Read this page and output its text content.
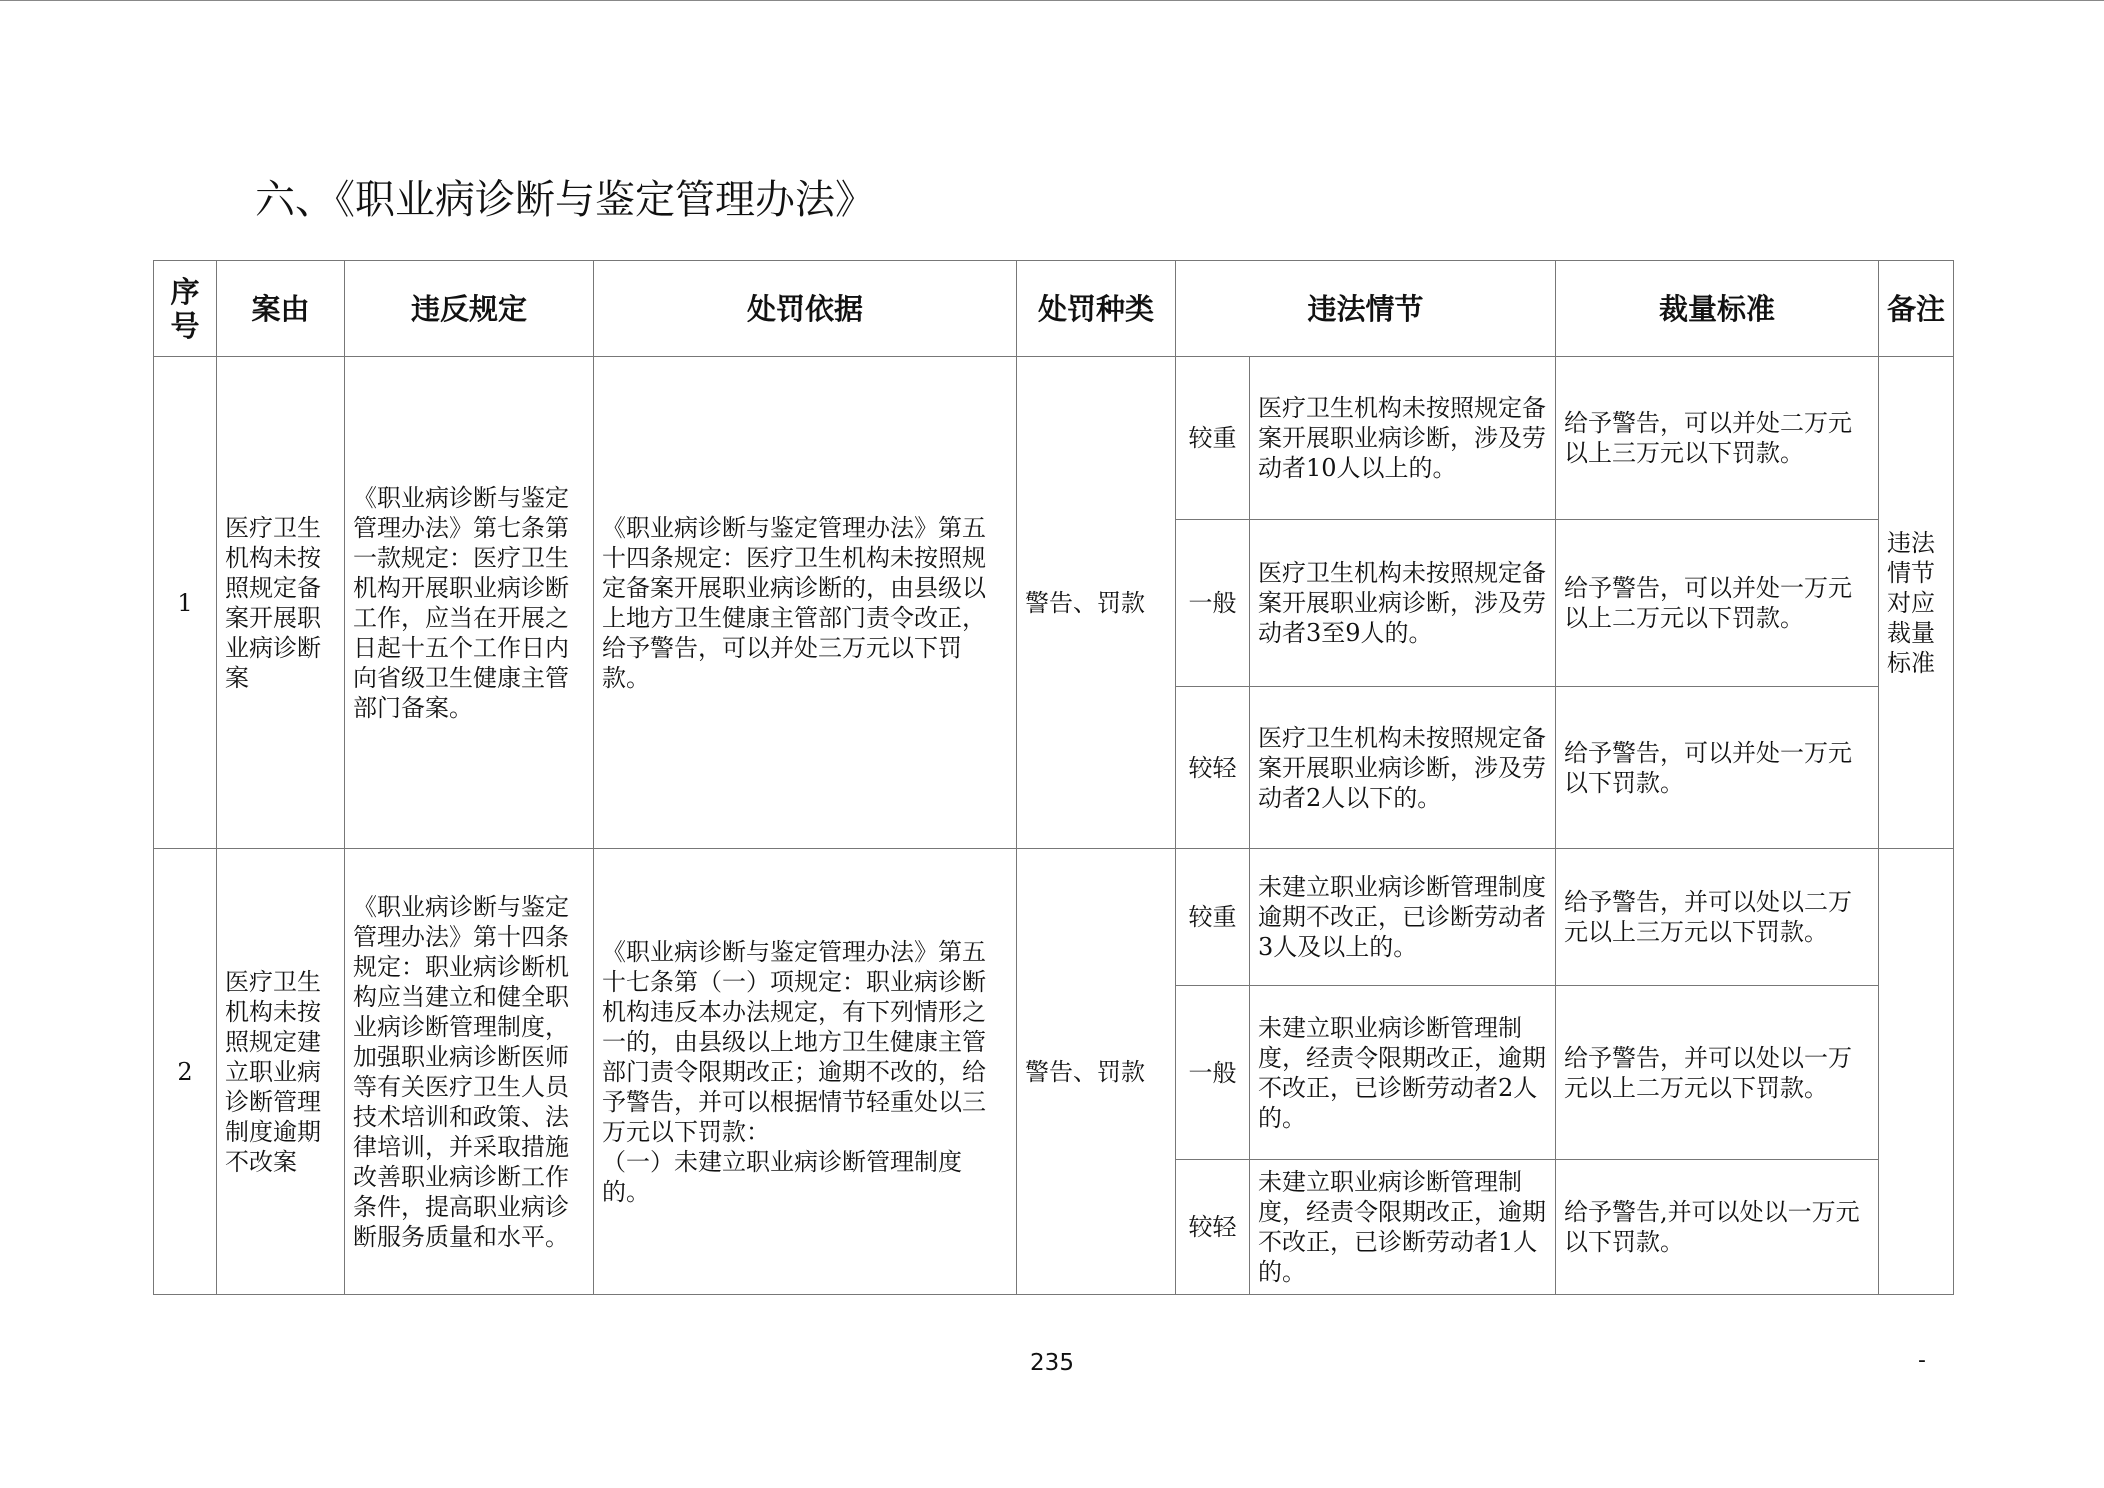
六、《职业病诊断与鉴定管理办法》
序号	案由	违反规定	处罚依据	处罚种类	违法情节		裁量标准	备注
1	医疗卫生机构未按照规定备案开展职业病诊断案	《职业病诊断与鉴定管理办法》第七条第一款规定：医疗卫生机构开展职业病诊断工作，应当在开展之日起十五个工作日内向省级卫生健康主管部门备案。	《职业病诊断与鉴定管理办法》第五十四条规定：医疗卫生机构未按照规定备案开展职业病诊断的，由县级以上地方卫生健康主管部门责令改正，给予警告，可以并处三万元以下罚款。	警告、罚款	较重	医疗卫生机构未按照规定备案开展职业病诊断，涉及劳动者10人以上的。	给予警告，可以并处二万元以上三万元以下罚款。	违法情节对应裁量标准
					一般	医疗卫生机构未按照规定备案开展职业病诊断，涉及劳动者3至9人的。	给予警告，可以并处一万元以上二万元以下罚款。	
					较轻	医疗卫生机构未按照规定备案开展职业病诊断，涉及劳动者2人以下的。	给予警告，可以并处一万元以下罚款。	
2	医疗卫生机构未按照规定建立职业病诊断管理制度逾期不改案	《职业病诊断与鉴定管理办法》第十四条规定：职业病诊断机构应当建立和健全职业病诊断管理制度，加强职业病诊断医师等有关医疗卫生人员技术培训和政策、法律培训，并采取措施改善职业病诊断工作条件，提高职业病诊断服务质量和水平。	《职业病诊断与鉴定管理办法》第五十七条第（一）项规定：职业病诊断机构违反本办法规定，有下列情形之一的，由县级以上地方卫生健康主管部门责令限期改正；逾期不改的，给予警告，并可以根据情节轻重处以三万元以下罚款：
（一）未建立职业病诊断管理制度的。	警告、罚款	较重	未建立职业病诊断管理制度逾期不改正，已诊断劳动者3人及以上的。	给予警告，并可以处以二万元以上三万元以下罚款。	
					一般	未建立职业病诊断管理制度，经责令限期改正，逾期不改正，已诊断劳动者2人的。	给予警告，并可以处以一万元以上二万元以下罚款。	
					较轻	未建立职业病诊断管理制度，经责令限期改正，逾期不改正，已诊断劳动者1人的。	给予警告,并可以处以一万元以下罚款。	
235	-
